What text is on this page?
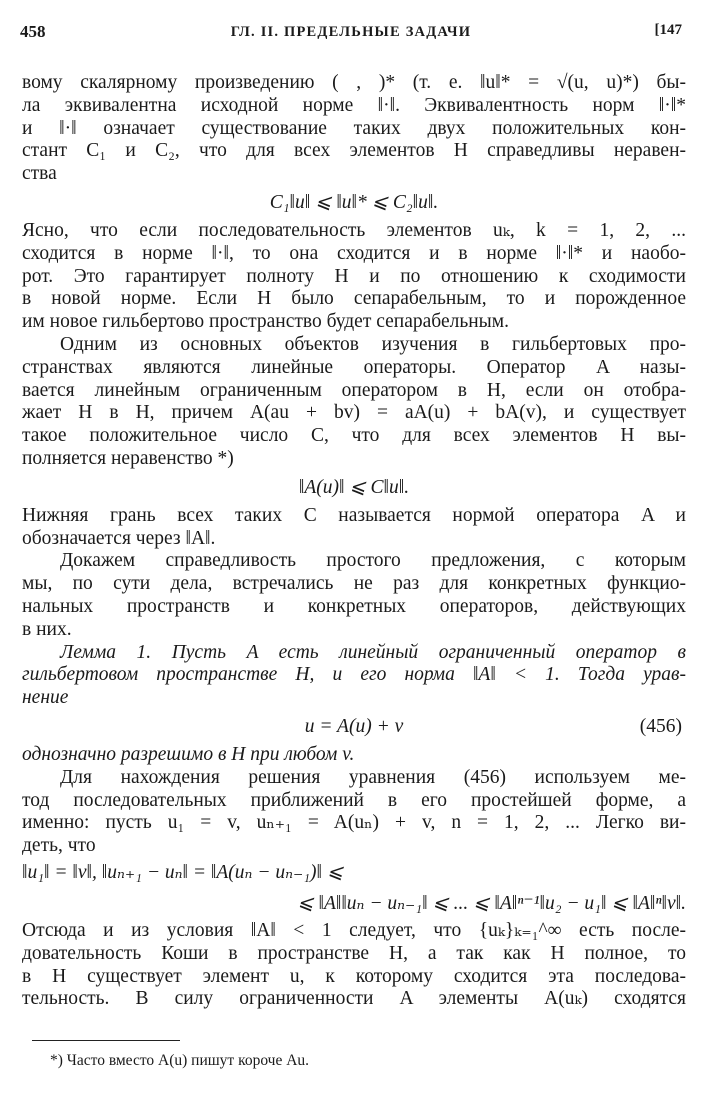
458	ГЛ. II. ПРЕДЕЛЬНЫЕ ЗАДАЧИ	[147
вому скалярному произведению ( , )* (т. е. ‖u‖* = √(u, u)*) бы-
ла эквивалентна исходной норме ‖·‖. Эквивалентность норм ‖·‖*
и ‖·‖ означает существование таких двух положительных кон-
стант C₁ и C₂, что для всех элементов H справедливы неравен-
ства
C₁‖u‖ ⩽ ‖u‖* ⩽ C₂‖u‖.
Ясно, что если последовательность элементов uₖ, k = 1, 2, ...
сходится в норме ‖·‖, то она сходится и в норме ‖·‖* и наобо-
рот. Это гарантирует полноту H и по отношению к сходимости
в новой норме. Если H было сепарабельным, то и порожденное
им новое гильбертово пространство будет сепарабельным.
Одним из основных объектов изучения в гильбертовых про-
странствах являются линейные операторы. Оператор A назы-
вается линейным ограниченным оператором в H, если он отобра-
жает H в H, причем A(au + bv) = aA(u) + bA(v), и существует
такое положительное число C, что для всех элементов H вы-
полняется неравенство *)
‖A(u)‖ ⩽ C‖u‖.
Нижняя грань всех таких C называется нормой оператора A и
обозначается через ‖A‖.
Докажем справедливость простого предложения, с которым
мы, по сути дела, встречались не раз для конкретных функцио-
нальных пространств и конкретных операторов, действующих
в них.
Лемма 1. Пусть A есть линейный ограниченный оператор в
гильбертовом пространстве H, и его норма ‖A‖ < 1. Тогда урав-
нение
u = A(u) + v	(456)
однозначно разрешимо в H при любом v.
Для нахождения решения уравнения (456) используем ме-
тод последовательных приближений в его простейшей форме, а
именно: пусть u₁ = v, uₙ₊₁ = A(uₙ) + v, n = 1, 2, ... Легко ви-
деть, что
‖u₁‖ = ‖v‖, ‖uₙ₊₁ − uₙ‖ = ‖A(uₙ − uₙ₋₁)‖ ⩽
⩽ ‖A‖‖uₙ − uₙ₋₁‖ ⩽ ... ⩽ ‖A‖ⁿ⁻¹‖u₂ − u₁‖ ⩽ ‖A‖ⁿ‖v‖.
Отсюда и из условия ‖A‖ < 1 следует, что {uₖ}ₖ₌₁^∞ есть после-
довательность Коши в пространстве H, а так как H полное, то
в H существует элемент u, к которому сходится эта последова-
тельность. В силу ограниченности A элементы A(uₖ) сходятся
*) Часто вместо A(u) пишут короче Au.
